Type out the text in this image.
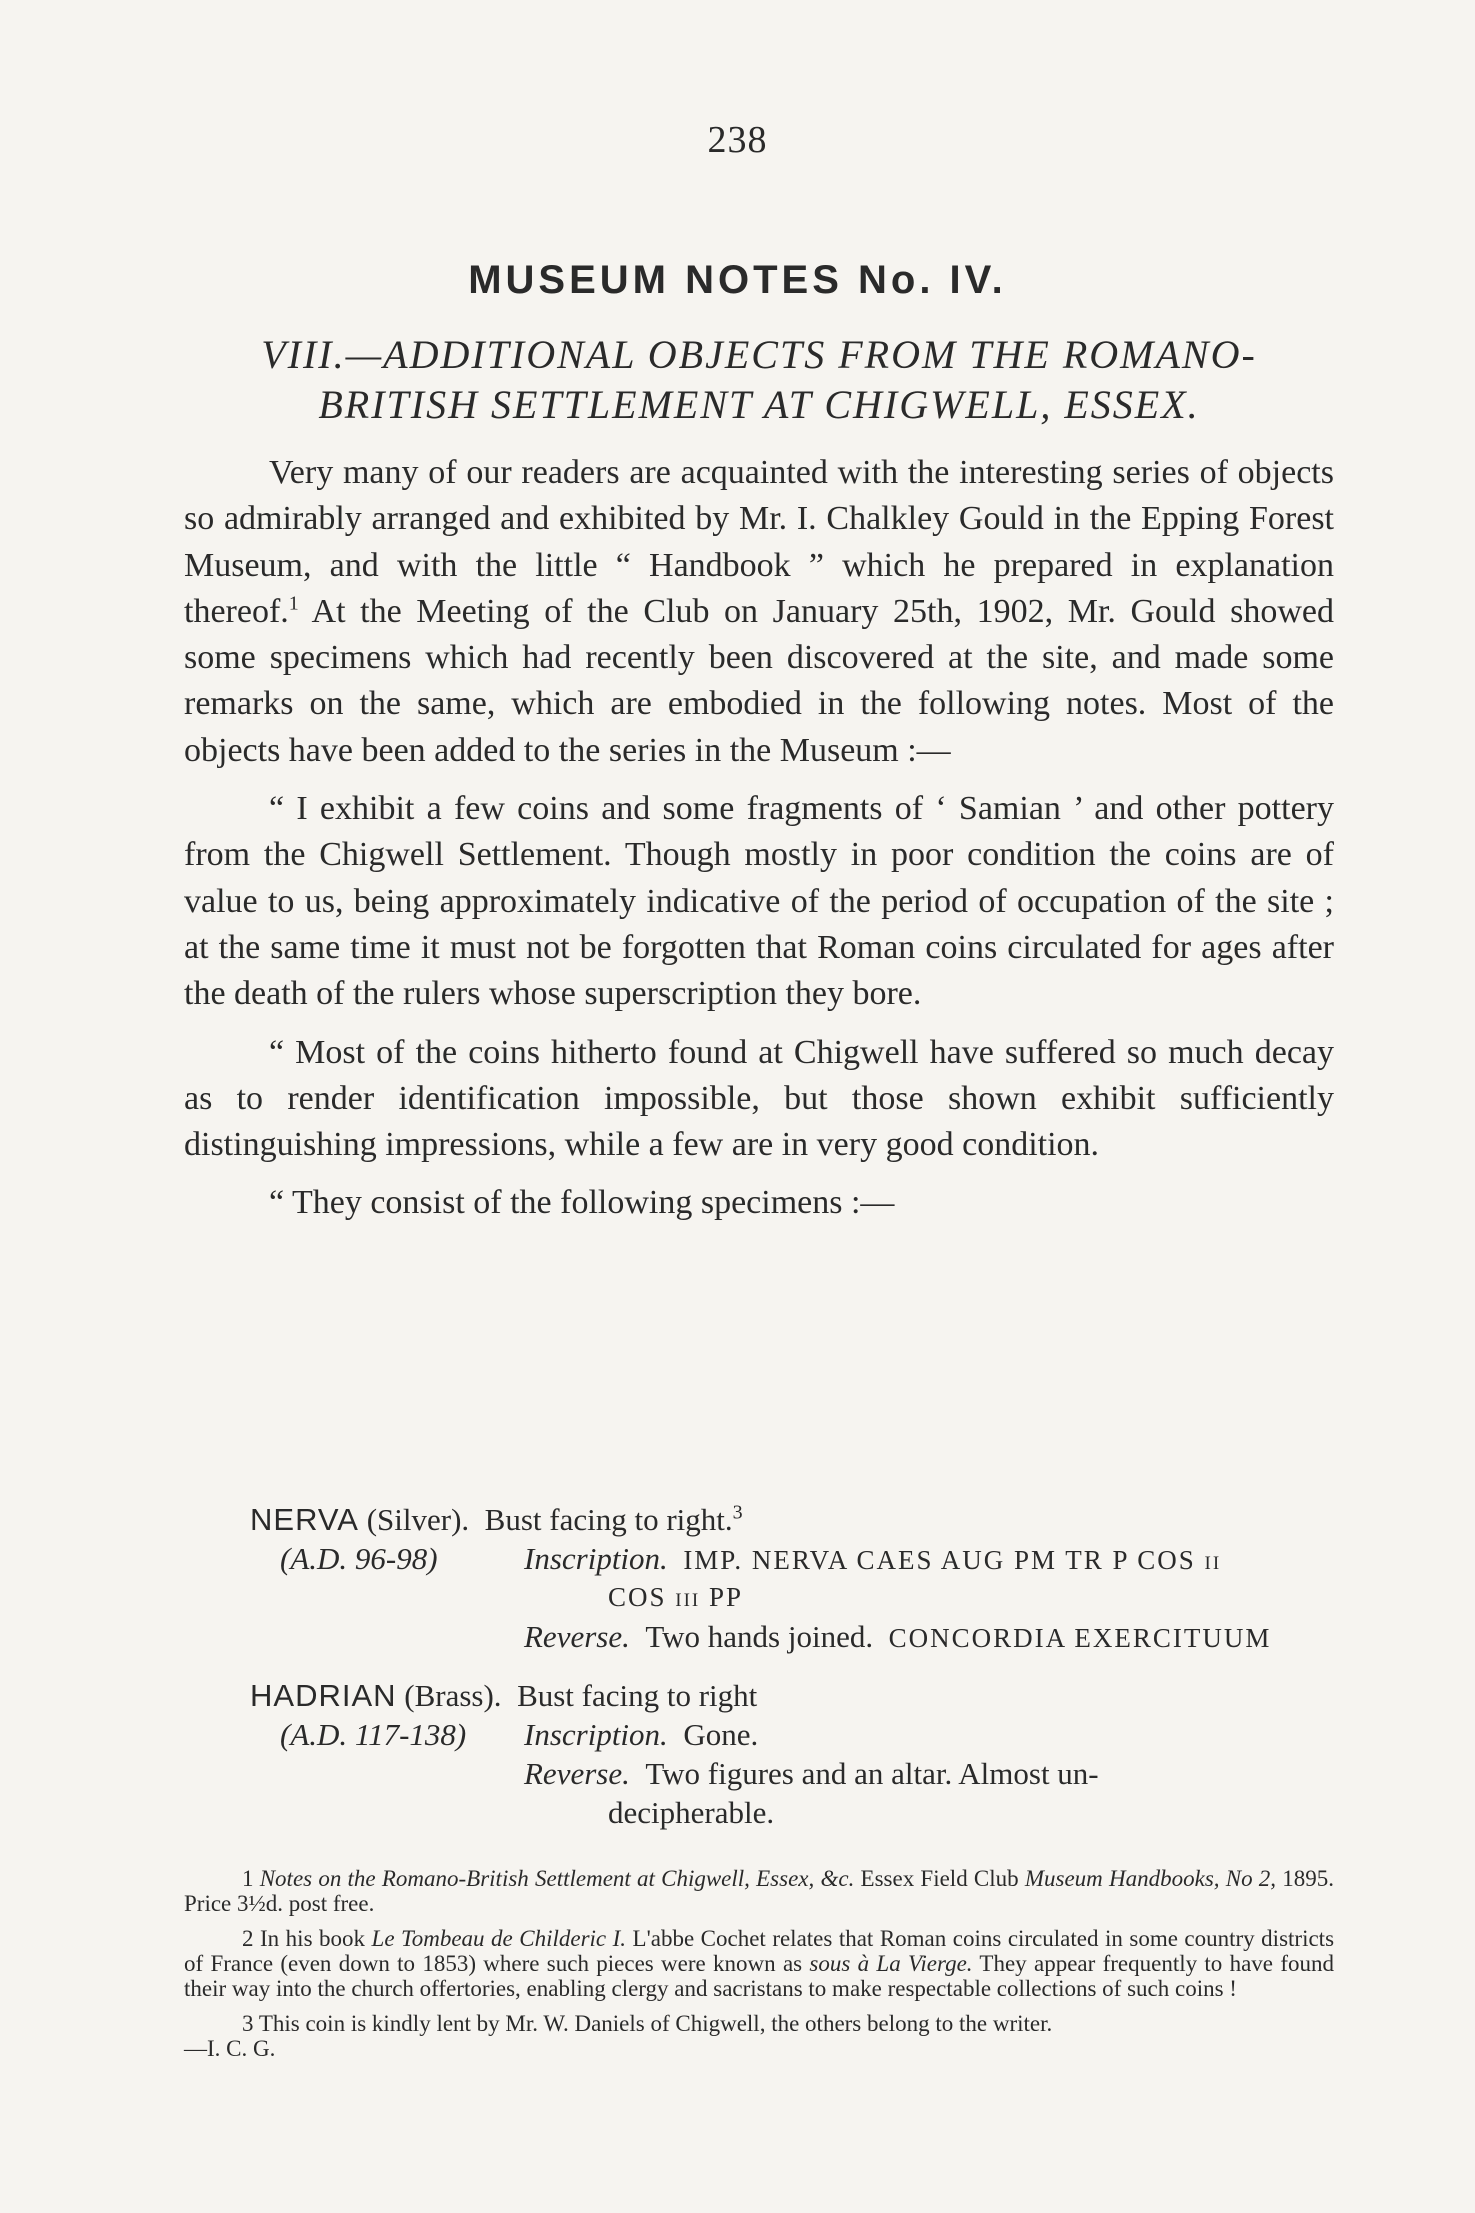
238
MUSEUM NOTES No. IV.
VIII.—ADDITIONAL OBJECTS FROM THE ROMANO-
BRITISH SETTLEMENT AT CHIGWELL, ESSEX.

Very many of our readers are acquainted with the interesting series of objects so admirably arranged and exhibited by Mr. I. Chalkley Gould in the Epping Forest Museum, and with the little “ Handbook ” which he prepared in explanation thereof.$^1$ At the Meeting of the Club on January 25th, 1902, Mr. Gould showed some specimens which had recently been discovered at the site, and made some remarks on the same, which are embodied in the following notes. Most of the objects have been added to the series in the Museum :—

“ I exhibit a few coins and some fragments of ‘ Samian ’ and other pottery from the Chigwell Settlement. Though mostly in poor condition the coins are of value to us, being approximately indicative of the period of occupation of the site ; at the same time it must not be forgotten that Roman coins circulated for ages after the death of the rulers whose superscription they bore.

“ Most of the coins hitherto found at Chigwell have suffered so much decay as to render identification impossible, but those shown exhibit sufficiently distinguishing impressions, while a few are in very good condition.

“ They consist of the following specimens :—

NERVA (Silver). Bust facing to right.$^3$
(A.D. 96-98)	Inscription. IMP. NERVA CAES AUG PM TR P COS ii
COS iii PP
Reverse. Two hands joined. CONCORDIA EXERCITUUM
HADRIAN (Brass). Bust facing to right
(A.D. 117-138) Inscription. Gone.
Reverse. Two figures and an altar. Almost un-
decipherable.

1 Notes on the Romano-British Settlement at Chigwell, Essex, &c. Essex Field Club Museum Handbooks, No 2, 1895. Price 3½d. post free.

2 In his book Le Tombeau de Childeric I. L'abbe Cochet relates that Roman coins circulated in some country districts of France (even down to 1853) where such pieces were known as sous à La Vierge. They appear frequently to have found their way into the church offertories, enabling clergy and sacristans to make respectable collections of such coins !

3 This coin is kindly lent by Mr. W. Daniels of Chigwell, the others belong to the writer.
—I. C. G.
